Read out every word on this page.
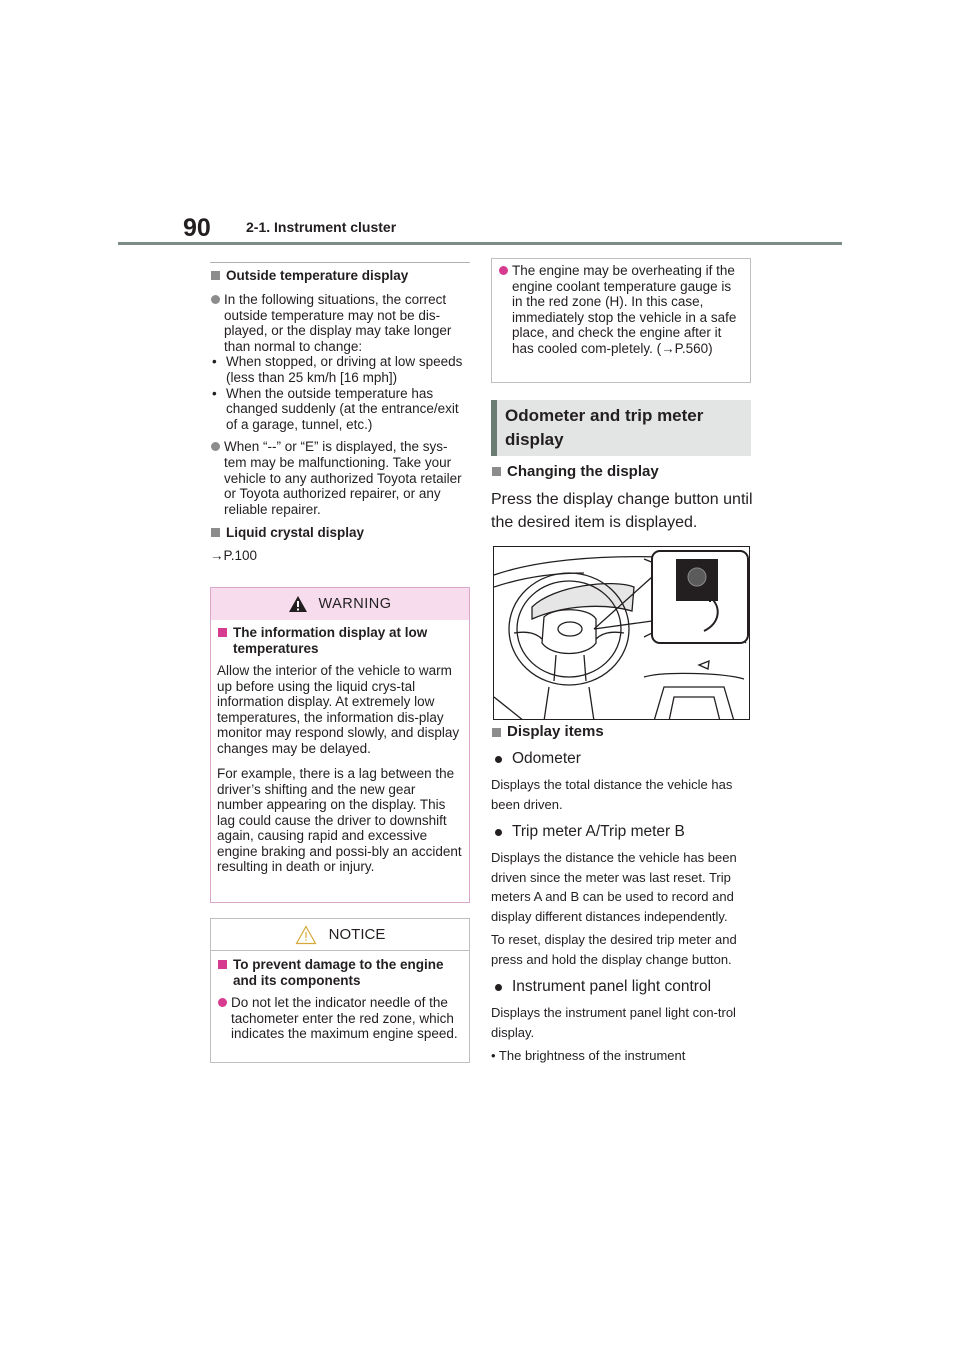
90	2-1. Instrument cluster
Outside temperature display
In the following situations, the correct outside temperature may not be dis-played, or the display may take longer than normal to change:
• When stopped, or driving at low speeds (less than 25 km/h [16 mph])
• When the outside temperature has changed suddenly (at the entrance/exit of a garage, tunnel, etc.)
When “--” or “E” is displayed, the sys-tem may be malfunctioning. Take your vehicle to any authorized Toyota retailer or Toyota authorized repairer, or any reliable repairer.
Liquid crystal display
→P.100
WARNING
The information display at low temperatures
Allow the interior of the vehicle to warm up before using the liquid crys-tal information display. At extremely low temperatures, the information dis-play monitor may respond slowly, and display changes may be delayed.
For example, there is a lag between the driver’s shifting and the new gear number appearing on the display. This lag could cause the driver to downshift again, causing rapid and excessive engine braking and possi-bly an accident resulting in death or injury.
NOTICE
To prevent damage to the engine and its components
Do not let the indicator needle of the tachometer enter the red zone, which indicates the maximum engine speed.
The engine may be overheating if the engine coolant temperature gauge is in the red zone (H). In this case, immediately stop the vehicle in a safe place, and check the engine after it has cooled com-pletely. (→P.560)
Odometer and trip meter display
Changing the display
Press the display change button until the desired item is displayed.
Display items
Odometer
Displays the total distance the vehicle has been driven.
Trip meter A/Trip meter B
Displays the distance the vehicle has been driven since the meter was last reset. Trip meters A and B can be used to record and display different distances independently.
To reset, display the desired trip meter and press and hold the display change button.
Instrument panel light control
Displays the instrument panel light con-trol display.
• The brightness of the instrument
